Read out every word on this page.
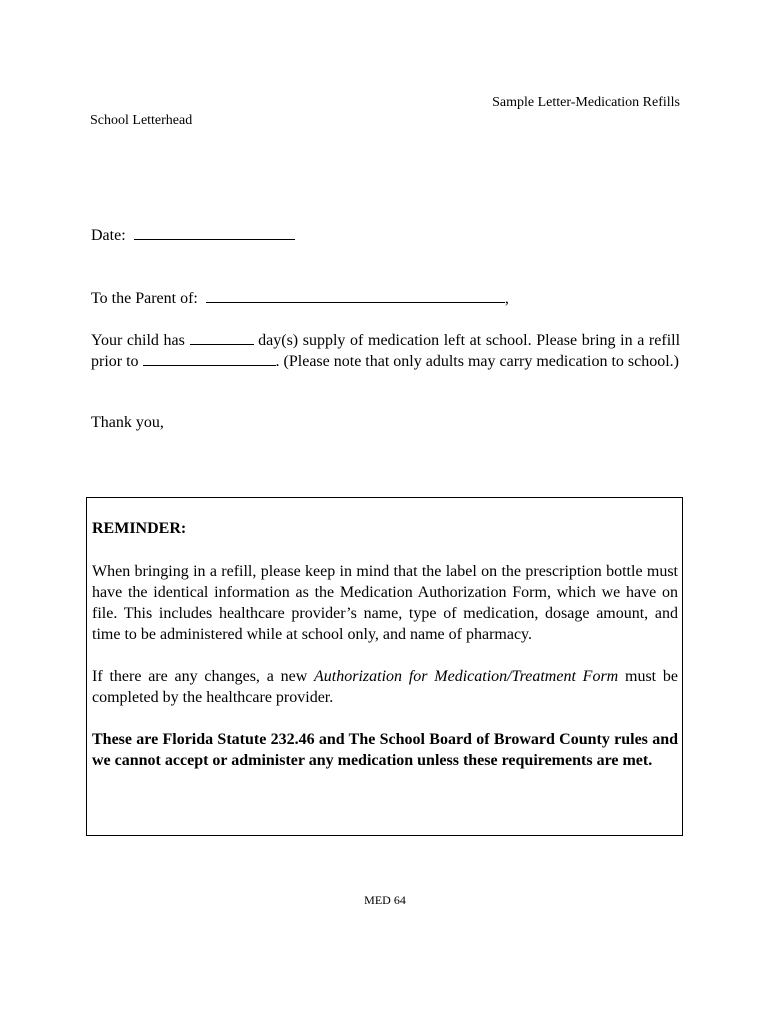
Sample Letter-Medication Refills
School Letterhead
Date:
To the Parent of:	,
Your child has	day(s) supply of medication left at school. Please bring in a refill prior to	. (Please note that only adults may carry medication to school.)
Thank you,

REMINDER:

When bringing in a refill, please keep in mind that the label on the prescription bottle must have the identical information as the Medication Authorization Form, which we have on file. This includes healthcare provider’s name, type of medication, dosage amount, and time to be administered while at school only, and name of pharmacy.

If there are any changes, a new Authorization for Medication/Treatment Form must be completed by the healthcare provider.

These are Florida Statute 232.46 and The School Board of Broward County rules and we cannot accept or administer any medication unless these requirements are met.

MED 64
